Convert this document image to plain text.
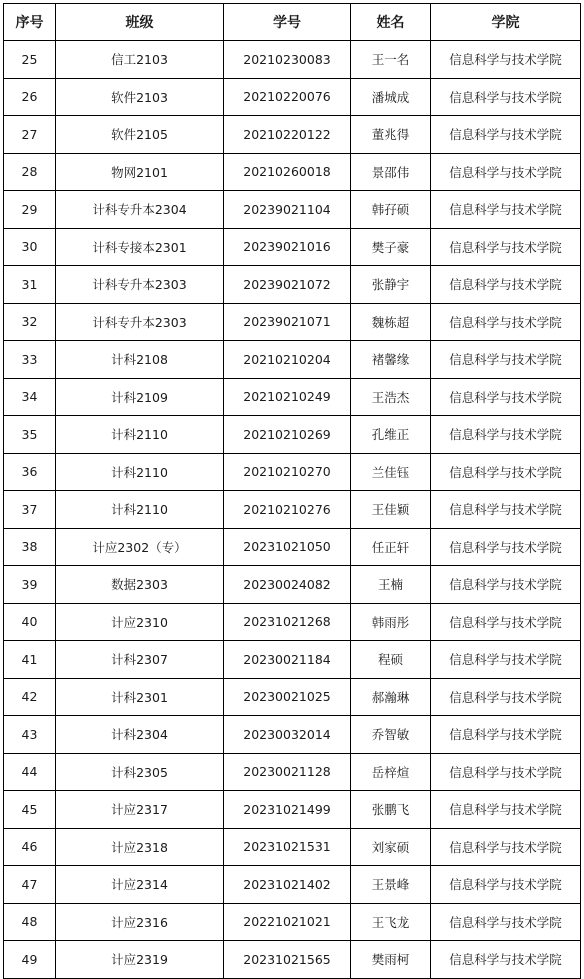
序号	班级	学号	姓名	学院
25	信工2103	20210230083	王一名	信息科学与技术学院
26	软件2103	20210220076	潘城成	信息科学与技术学院
27	软件2105	20210220122	董兆得	信息科学与技术学院
28	物网2101	20210260018	景邵伟	信息科学与技术学院
29	计科专升本2304	20239021104	韩孖硕	信息科学与技术学院
30	计科专接本2301	20239021016	樊子豪	信息科学与技术学院
31	计科专升本2303	20239021072	张静宇	信息科学与技术学院
32	计科专升本2303	20239021071	魏栋超	信息科学与技术学院
33	计科2108	20210210204	褚馨缘	信息科学与技术学院
34	计科2109	20210210249	王浩杰	信息科学与技术学院
35	计科2110	20210210269	孔维正	信息科学与技术学院
36	计科2110	20210210270	兰佳钰	信息科学与技术学院
37	计科2110	20210210276	王佳颖	信息科学与技术学院
38	计应2302（专）	20231021050	任正轩	信息科学与技术学院
39	数据2303	20230024082	王楠	信息科学与技术学院
40	计应2310	20231021268	韩雨彤	信息科学与技术学院
41	计科2307	20230021184	程硕	信息科学与技术学院
42	计科2301	20230021025	郝瀚琳	信息科学与技术学院
43	计科2304	20230032014	乔智敏	信息科学与技术学院
44	计科2305	20230021128	岳梓煊	信息科学与技术学院
45	计应2317	20231021499	张鹏飞	信息科学与技术学院
46	计应2318	20231021531	刘家硕	信息科学与技术学院
47	计应2314	20231021402	王景峰	信息科学与技术学院
48	计应2316	20221021021	王飞龙	信息科学与技术学院
49	计应2319	20231021565	樊雨柯	信息科学与技术学院
